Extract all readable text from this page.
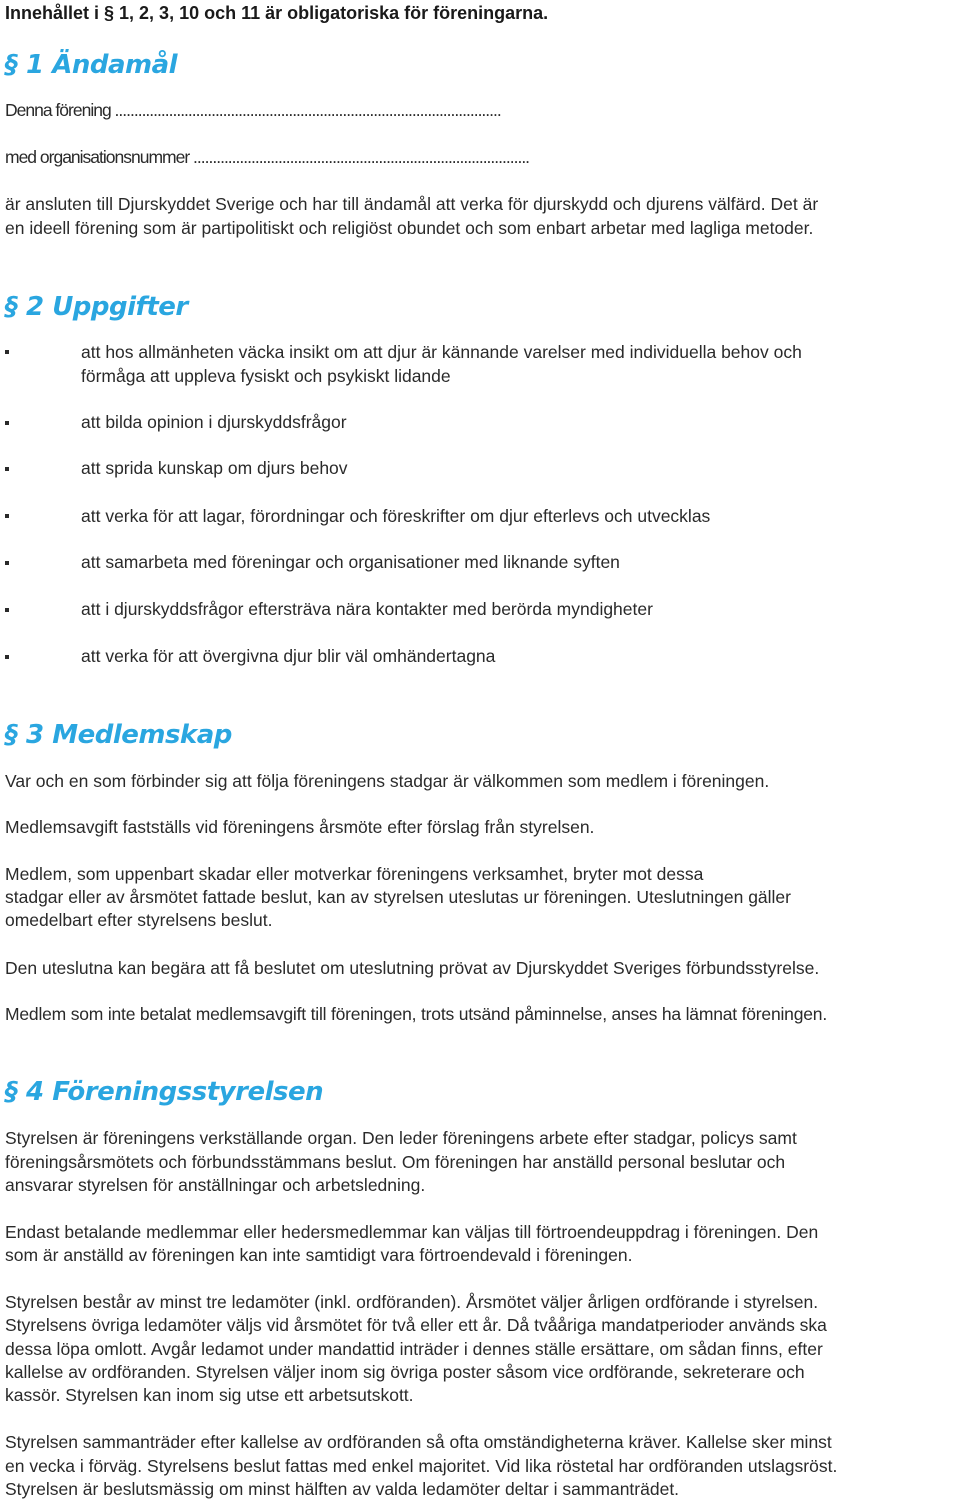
Innehållet i § 1, 2, 3, 10 och 11 är obligatoriska för föreningarna.
§ 1 Ändamål
Denna förening ....................................................................................................
med organisationsnummer .......................................................................................
är ansluten till Djurskyddet Sverige och har till ändamål att verka för djurskydd och djurens välfärd. Det är
en ideell förening som är partipolitiskt och religiöst obundet och som enbart arbetar med lagliga metoder.
§ 2 Uppgifter
att hos allmänheten väcka insikt om att djur är kännande varelser med individuella behov och
förmåga att uppleva fysiskt och psykiskt lidande
att bilda opinion i djurskyddsfrågor
att sprida kunskap om djurs behov
att verka för att lagar, förordningar och föreskrifter om djur efterlevs och utvecklas
att samarbeta med föreningar och organisationer med liknande syften
att i djurskyddsfrågor eftersträva nära kontakter med berörda myndigheter
att verka för att övergivna djur blir väl omhändertagna
§ 3 Medlemskap
Var och en som förbinder sig att följa föreningens stadgar är välkommen som medlem i föreningen.
Medlemsavgift fastställs vid föreningens årsmöte efter förslag från styrelsen.
Medlem, som uppenbart skadar eller motverkar föreningens verksamhet, bryter mot dessa
stadgar eller av årsmötet fattade beslut, kan av styrelsen uteslutas ur föreningen. Uteslutningen gäller
omedelbart efter styrelsens beslut.
Den uteslutna kan begära att få beslutet om uteslutning prövat av Djurskyddet Sveriges förbundsstyrelse.
Medlem som inte betalat medlemsavgift till föreningen, trots utsänd påminnelse, anses ha lämnat föreningen.
§ 4 Föreningsstyrelsen
Styrelsen är föreningens verkställande organ. Den leder föreningens arbete efter stadgar, policys samt
föreningsårsmötets och förbundsstämmans beslut. Om föreningen har anställd personal beslutar och
ansvarar styrelsen för anställningar och arbetsledning.
Endast betalande medlemmar eller hedersmedlemmar kan väljas till förtroendeuppdrag i föreningen. Den
som är anställd av föreningen kan inte samtidigt vara förtroendevald i föreningen.
Styrelsen består av minst tre ledamöter (inkl. ordföranden). Årsmötet väljer årligen ordförande i styrelsen.
Styrelsens övriga ledamöter väljs vid årsmötet för två eller ett år. Då tvååriga mandatperioder används ska
dessa löpa omlott. Avgår ledamot under mandattid inträder i dennes ställe ersättare, om sådan finns, efter
kallelse av ordföranden. Styrelsen väljer inom sig övriga poster såsom vice ordförande, sekreterare och
kassör. Styrelsen kan inom sig utse ett arbetsutskott.
Styrelsen sammanträder efter kallelse av ordföranden så ofta omständigheterna kräver. Kallelse sker minst
en vecka i förväg. Styrelsens beslut fattas med enkel majoritet. Vid lika röstetal har ordföranden utslagsröst.
Styrelsen är beslutsmässig om minst hälften av valda ledamöter deltar i sammanträdet.
